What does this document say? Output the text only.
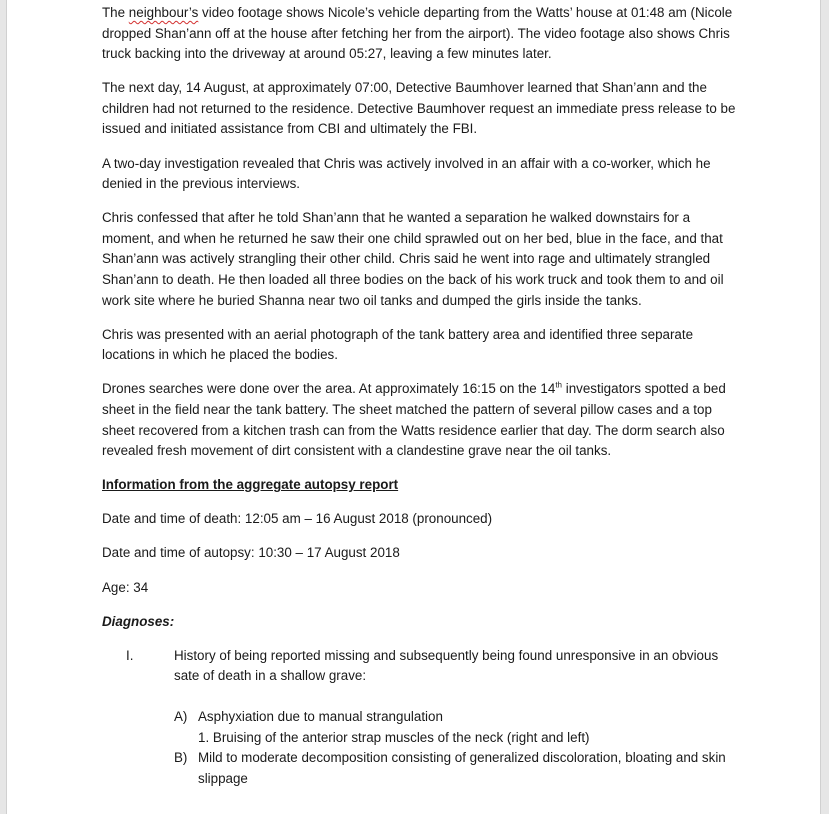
The neighbour’s video footage shows Nicole’s vehicle departing from the Watts’ house at 01:48 am (Nicole dropped Shan’ann off at the house after fetching her from the airport). The video footage also shows Chris truck backing into the driveway at around 05:27, leaving a few minutes later.

The next day, 14 August, at approximately 07:00, Detective Baumhover learned that Shan’ann and the children had not returned to the residence. Detective Baumhover request an immediate press release to be issued and initiated assistance from CBI and ultimately the FBI.

A two-day investigation revealed that Chris was actively involved in an affair with a co-worker, which he denied in the previous interviews.

Chris confessed that after he told Shan’ann that he wanted a separation he walked downstairs for a moment, and when he returned he saw their one child sprawled out on her bed, blue in the face, and that Shan’ann was actively strangling their other child. Chris said he went into rage and ultimately strangled Shan’ann to death. He then loaded all three bodies on the back of his work truck and took them to and oil work site where he buried Shanna near two oil tanks and dumped the girls inside the tanks.

Chris was presented with an aerial photograph of the tank battery area and identified three separate locations in which he placed the bodies.

Drones searches were done over the area. At approximately 16:15 on the 14th investigators spotted a bed sheet in the field near the tank battery. The sheet matched the pattern of several pillow cases and a top sheet recovered from a kitchen trash can from the Watts residence earlier that day. The dorm search also revealed fresh movement of dirt consistent with a clandestine grave near the oil tanks.

Information from the aggregate autopsy report

Date and time of death: 12:05 am – 16 August 2018 (pronounced)

Date and time of autopsy: 10:30 – 17 August 2018

Age: 34

Diagnoses:

I.	History of being reported missing and subsequently being found unresponsive in an obvious sate of death in a shallow grave:
A) Asphyxiation due to manual strangulation
1. Bruising of the anterior strap muscles of the neck (right and left)
B) Mild to moderate decomposition consisting of generalized discoloration, bloating and skin slippage
